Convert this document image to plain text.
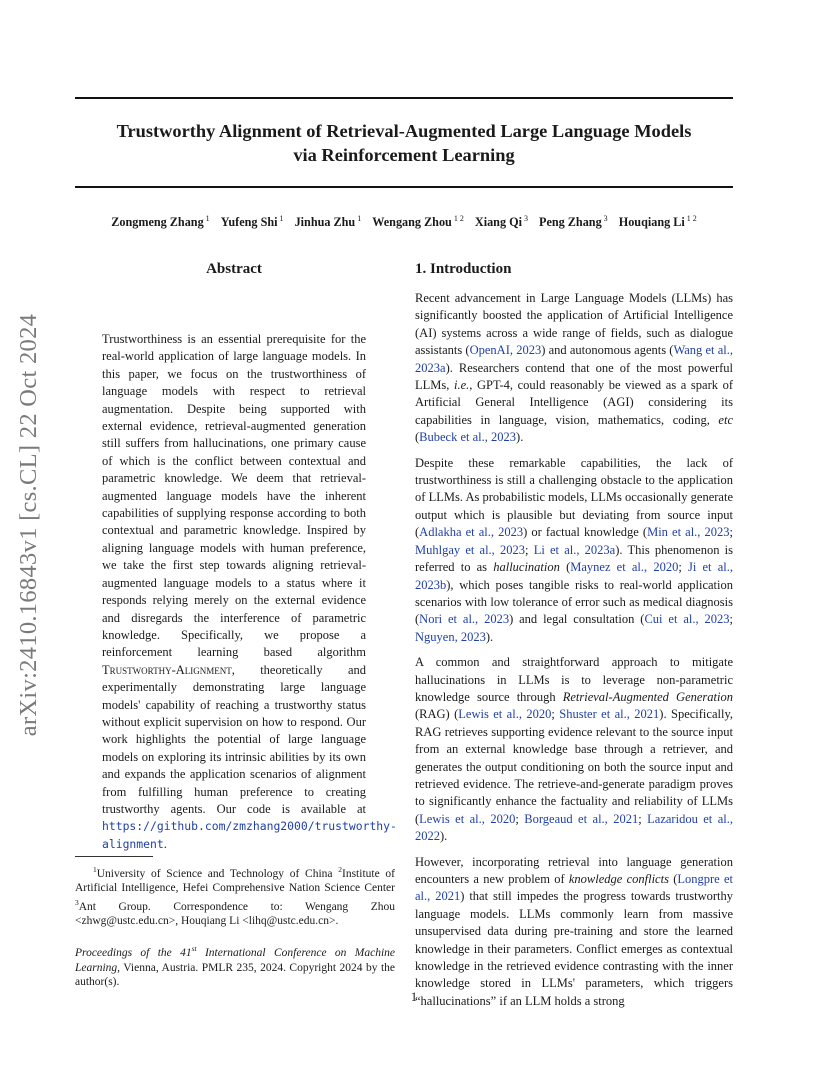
Trustworthy Alignment of Retrieval-Augmented Large Language Models
via Reinforcement Learning
Zongmeng Zhang $^1$ Yufeng Shi $^1$ Jinhua Zhu $^1$ Wengang Zhou $^{1 2}$ Xiang Qi $^3$ Peng Zhang $^3$ Houqiang Li $^{1 2}$
arXiv:2410.16843v1 [cs.CL] 22 Oct 2024
Abstract
Trustworthiness is an essential prerequisite for the real-world application of large language models. In this paper, we focus on the trustworthiness of language models with respect to retrieval augmentation. Despite being supported with external evidence, retrieval-augmented generation still suffers from hallucinations, one primary cause of which is the conflict between contextual and parametric knowledge. We deem that retrieval-augmented language models have the inherent capabilities of supplying response according to both contextual and parametric knowledge. Inspired by aligning language models with human preference, we take the first step towards aligning retrieval-augmented language models to a status where it responds relying merely on the external evidence and disregards the interference of parametric knowledge. Specifically, we propose a reinforcement learning based algorithm Trustworthy-Alignment, theoretically and experimentally demonstrating large language models' capability of reaching a trustworthy status without explicit supervision on how to respond. Our work highlights the potential of large language models on exploring its intrinsic abilities by its own and expands the application scenarios of alignment from fulfilling human preference to creating trustworthy agents. Our code is available at https://github.com/zmzhang2000/trustworthy-alignment.
1. Introduction

Recent advancement in Large Language Models (LLMs) has significantly boosted the application of Artificial Intelligence (AI) systems across a wide range of fields, such as dialogue assistants (OpenAI, 2023) and autonomous agents (Wang et al., 2023a). Researchers contend that one of the most powerful LLMs, i.e., GPT-4, could reasonably be viewed as a spark of Artificial General Intelligence (AGI) considering its capabilities in language, vision, mathematics, coding, etc (Bubeck et al., 2023).

Despite these remarkable capabilities, the lack of trustworthiness is still a challenging obstacle to the application of LLMs. As probabilistic models, LLMs occasionally generate output which is plausible but deviating from source input (Adlakha et al., 2023) or factual knowledge (Min et al., 2023; Muhlgay et al., 2023; Li et al., 2023a). This phenomenon is referred to as hallucination (Maynez et al., 2020; Ji et al., 2023b), which poses tangible risks to real-world application scenarios with low tolerance of error such as medical diagnosis (Nori et al., 2023) and legal consultation (Cui et al., 2023; Nguyen, 2023).

A common and straightforward approach to mitigate hallucinations in LLMs is to leverage non-parametric knowledge source through Retrieval-Augmented Generation (RAG) (Lewis et al., 2020; Shuster et al., 2021). Specifically, RAG retrieves supporting evidence relevant to the source input from an external knowledge base through a retriever, and generates the output conditioning on both the source input and retrieved evidence. The retrieve-and-generate paradigm proves to significantly enhance the factuality and reliability of LLMs (Lewis et al., 2020; Borgeaud et al., 2021; Lazaridou et al., 2022).

However, incorporating retrieval into language generation encounters a new problem of knowledge conflicts (Longpre et al., 2021) that still impedes the progress towards trustworthy language models. LLMs commonly learn from massive unsupervised data during pre-training and store the learned knowledge in their parameters. Conflict emerges as contextual knowledge in the retrieved evidence contrasting with the inner knowledge stored in LLMs' parameters, which triggers “hallucinations” if an LLM holds a strong

$^1$University of Science and Technology of China $^2$Institute of Artificial Intelligence, Hefei Comprehensive Nation Science Center $^3$Ant Group. Correspondence to: Wengang Zhou <zhwg@ustc.edu.cn>, Houqiang Li <lihq@ustc.edu.cn>.

Proceedings of the 41st International Conference on Machine Learning, Vienna, Austria. PMLR 235, 2024. Copyright 2024 by the author(s).

1
